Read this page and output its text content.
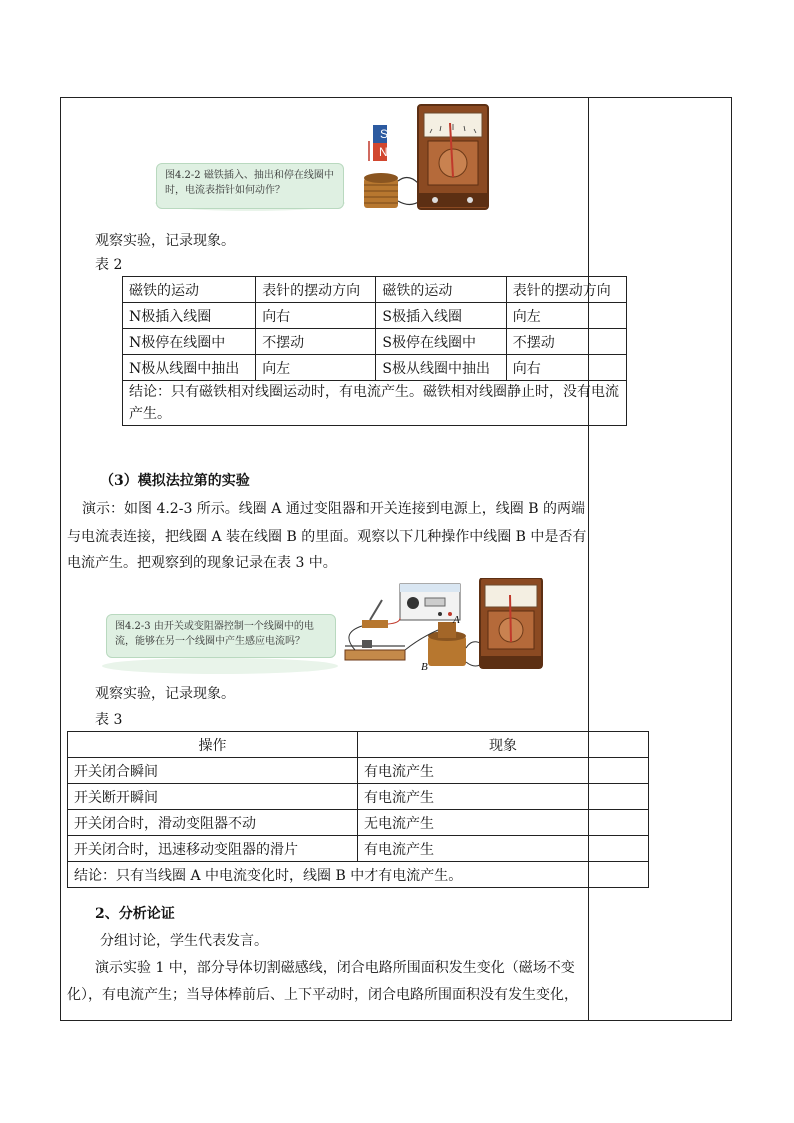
S
N
图4.2-2 磁铁插入、抽出和停在线圈中时，电流表指针如何动作？
观察实验，记录现象。
表 2
磁铁的运动	表针的摆动方向	磁铁的运动	表针的摆动方向
N极插入线圈	向右	S极插入线圈	向左
N极停在线圈中	不摆动	S极停在线圈中	不摆动
N极从线圈中抽出	向左	S极从线圈中抽出	向右
结论：只有磁铁相对线圈运动时，有电流产生。磁铁相对线圈静止时，没有电流产生。			
（3）模拟法拉第的实验
演示：如图 4.2-3 所示。线圈 A 通过变阻器和开关连接到电源上，线圈 B 的两端
与电流表连接，把线圈 A 装在线圈 B 的里面。观察以下几种操作中线圈 B 中是否有
电流产生。把观察到的现象记录在表 3 中。
A
B
图4.2-3 由开关或变阻器控制一个线圈中的电流，能够在另一个线圈中产生感应电流吗？
观察实验，记录现象。
表 3
操作	现象
开关闭合瞬间	有电流产生
开关断开瞬间	有电流产生
开关闭合时，滑动变阻器不动	无电流产生
开关闭合时，迅速移动变阻器的滑片	有电流产生
结论：只有当线圈 A 中电流变化时，线圈 B 中才有电流产生。	
2、分析论证
分组讨论，学生代表发言。
演示实验 1 中，部分导体切割磁感线，闭合电路所围面积发生变化（磁场不变
化），有电流产生；当导体棒前后、上下平动时，闭合电路所围面积没有发生变化，
